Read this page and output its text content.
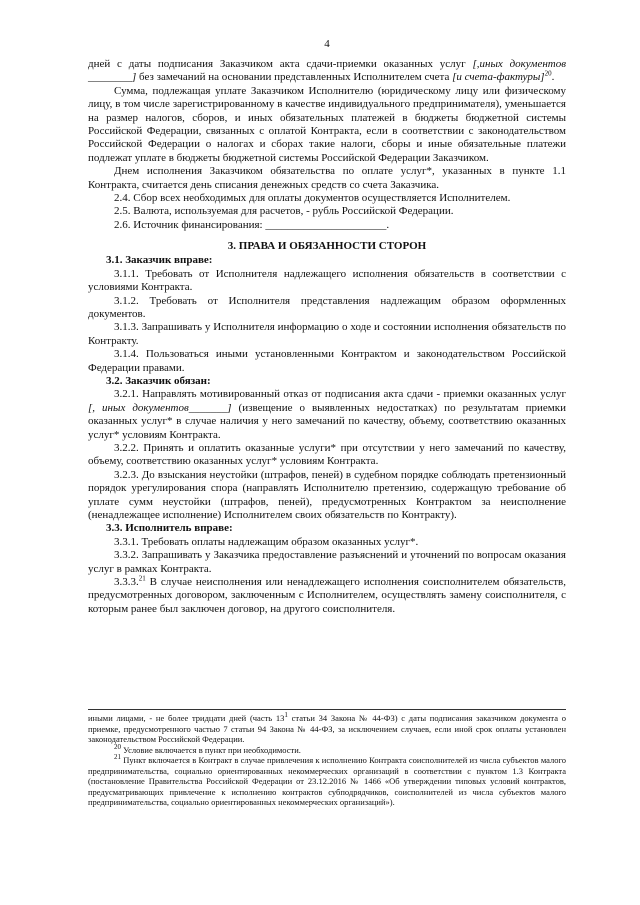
4

дней с даты подписания Заказчиком акта сдачи-приемки оказанных услуг [,иных документов ________] без замечаний на основании представленных Исполнителем счета [и счета-фактуры]$^{20}$.

Сумма, подлежащая уплате Заказчиком Исполнителю (юридическому лицу или физическому лицу, в том числе зарегистрированному в качестве индивидуального предпринимателя), уменьшается на размер налогов, сборов, и иных обязательных платежей в бюджеты бюджетной системы Российской Федерации, связанных с оплатой Контракта, если в соответствии с законодательством Российской Федерации о налогах и сборах такие налоги, сборы и иные обязательные платежи подлежат уплате в бюджеты бюджетной системы Российской Федерации Заказчиком.

Днем исполнения Заказчиком обязательства по оплате услуг*, указанных в пункте 1.1 Контракта, считается день списания денежных средств со счета Заказчика.

2.4. Сбор всех необходимых для оплаты документов осуществляется Исполнителем.

2.5. Валюта, используемая для расчетов, - рубль Российской Федерации.

2.6. Источник финансирования: ______________________.

3. ПРАВА И ОБЯЗАННОСТИ СТОРОН

3.1. Заказчик вправе:

3.1.1. Требовать от Исполнителя надлежащего исполнения обязательств в соответствии с условиями Контракта.

3.1.2. Требовать от Исполнителя представления надлежащим образом оформленных документов.

3.1.3. Запрашивать у Исполнителя информацию о ходе и состоянии исполнения обязательств по Контракту.

3.1.4. Пользоваться иными установленными Контрактом и законодательством Российской Федерации правами.

3.2. Заказчик обязан:

3.2.1. Направлять мотивированный отказ от подписания акта сдачи - приемки оказанных услуг [, иных документов_______] (извещение о выявленных недостатках) по результатам приемки оказанных услуг* в случае наличия у него замечаний по качеству, объему, соответствию оказанных услуг* условиям Контракта.

3.2.2. Принять и оплатить оказанные услуги* при отсутствии у него замечаний по качеству, объему, соответствию оказанных услуг* условиям Контракта.

3.2.3. До взыскания неустойки (штрафов, пеней) в судебном порядке соблюдать претензионный порядок урегулирования спора (направлять Исполнителю претензию, содержащую требование об уплате сумм неустойки (штрафов, пеней), предусмотренных Контрактом за неисполнение (ненадлежащее исполнение) Исполнителем своих обязательств по Контракту).

3.3. Исполнитель вправе:

3.3.1. Требовать оплаты надлежащим образом оказанных услуг*.

3.3.2. Запрашивать у Заказчика предоставление разъяснений и уточнений по вопросам оказания услуг в рамках Контракта.

3.3.3.21 В случае неисполнения или ненадлежащего исполнения соисполнителем обязательств, предусмотренных договором, заключенным с Исполнителем, осуществлять замену соисполнителя, с которым ранее был заключен договор, на другого соисполнителя.

иными лицами, - не более тридцати дней (часть $13^1$ статьи 34 Закона № 44-ФЗ) с даты подписания заказчиком документа о приемке, предусмотренного частью 7 статьи 94 Закона № 44-ФЗ, за исключением случаев, если иной срок оплаты установлен законодательством Российской Федерации.

$^{20}$ Условие включается в пункт при необходимости.

$^{21}$ Пункт включается в Контракт в случае привлечения к исполнению Контракта соисполнителей из числа субъектов малого предпринимательства, социально ориентированных некоммерческих организаций в соответствии с пунктом 1.3 Контракта (постановление Правительства Российской Федерации от 23.12.2016 № 1466 «Об утверждении типовых условий контрактов, предусматривающих привлечение к исполнению контрактов субподрядчиков, соисполнителей из числа субъектов малого предпринимательства, социально ориентированных некоммерческих организаций»).
